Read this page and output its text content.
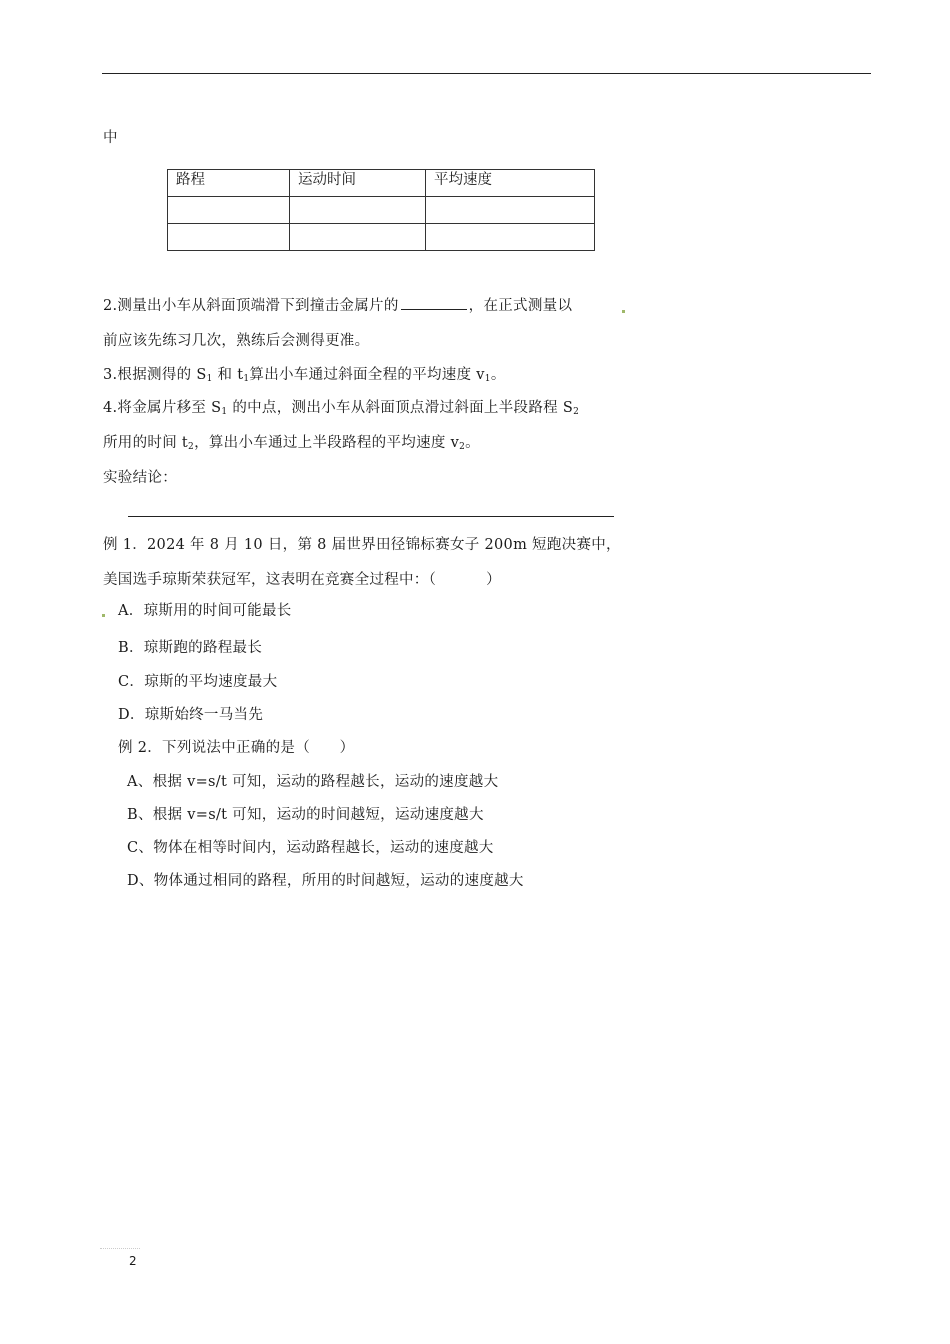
中
路程	运动时间	平均速度

2.测量出小车从斜面顶端滑下到撞击金属片的	，在正式测量以
前应该先练习几次，熟练后会测得更准。
3.根据测得的 $S_1$ 和 $t_1$算出小车通过斜面全程的平均速度 $v_1$。
4.将金属片移至 $S_1$ 的中点，测出小车从斜面顶点滑过斜面上半段路程 $S_2$
所用的时间 $t_2$，算出小车通过上半段路程的平均速度 $v_2$。
实验结论：
例 1．2024 年 8 月 10 日，第 8 届世界田径锦标赛女子 200m 短跑决赛中，
美国选手琼斯荣获冠军，这表明在竞赛全过程中：（	）
A．琼斯用的时间可能最长
B．琼斯跑的路程最长
C．琼斯的平均速度最大
D．琼斯始终一马当先
例 2．下列说法中正确的是（　　）
A、根据 v=s/t 可知，运动的路程越长，运动的速度越大
B、根据 v=s/t 可知，运动的时间越短，运动速度越大
C、物体在相等时间内，运动路程越长，运动的速度越大
D、物体通过相同的路程，所用的时间越短，运动的速度越大
2
